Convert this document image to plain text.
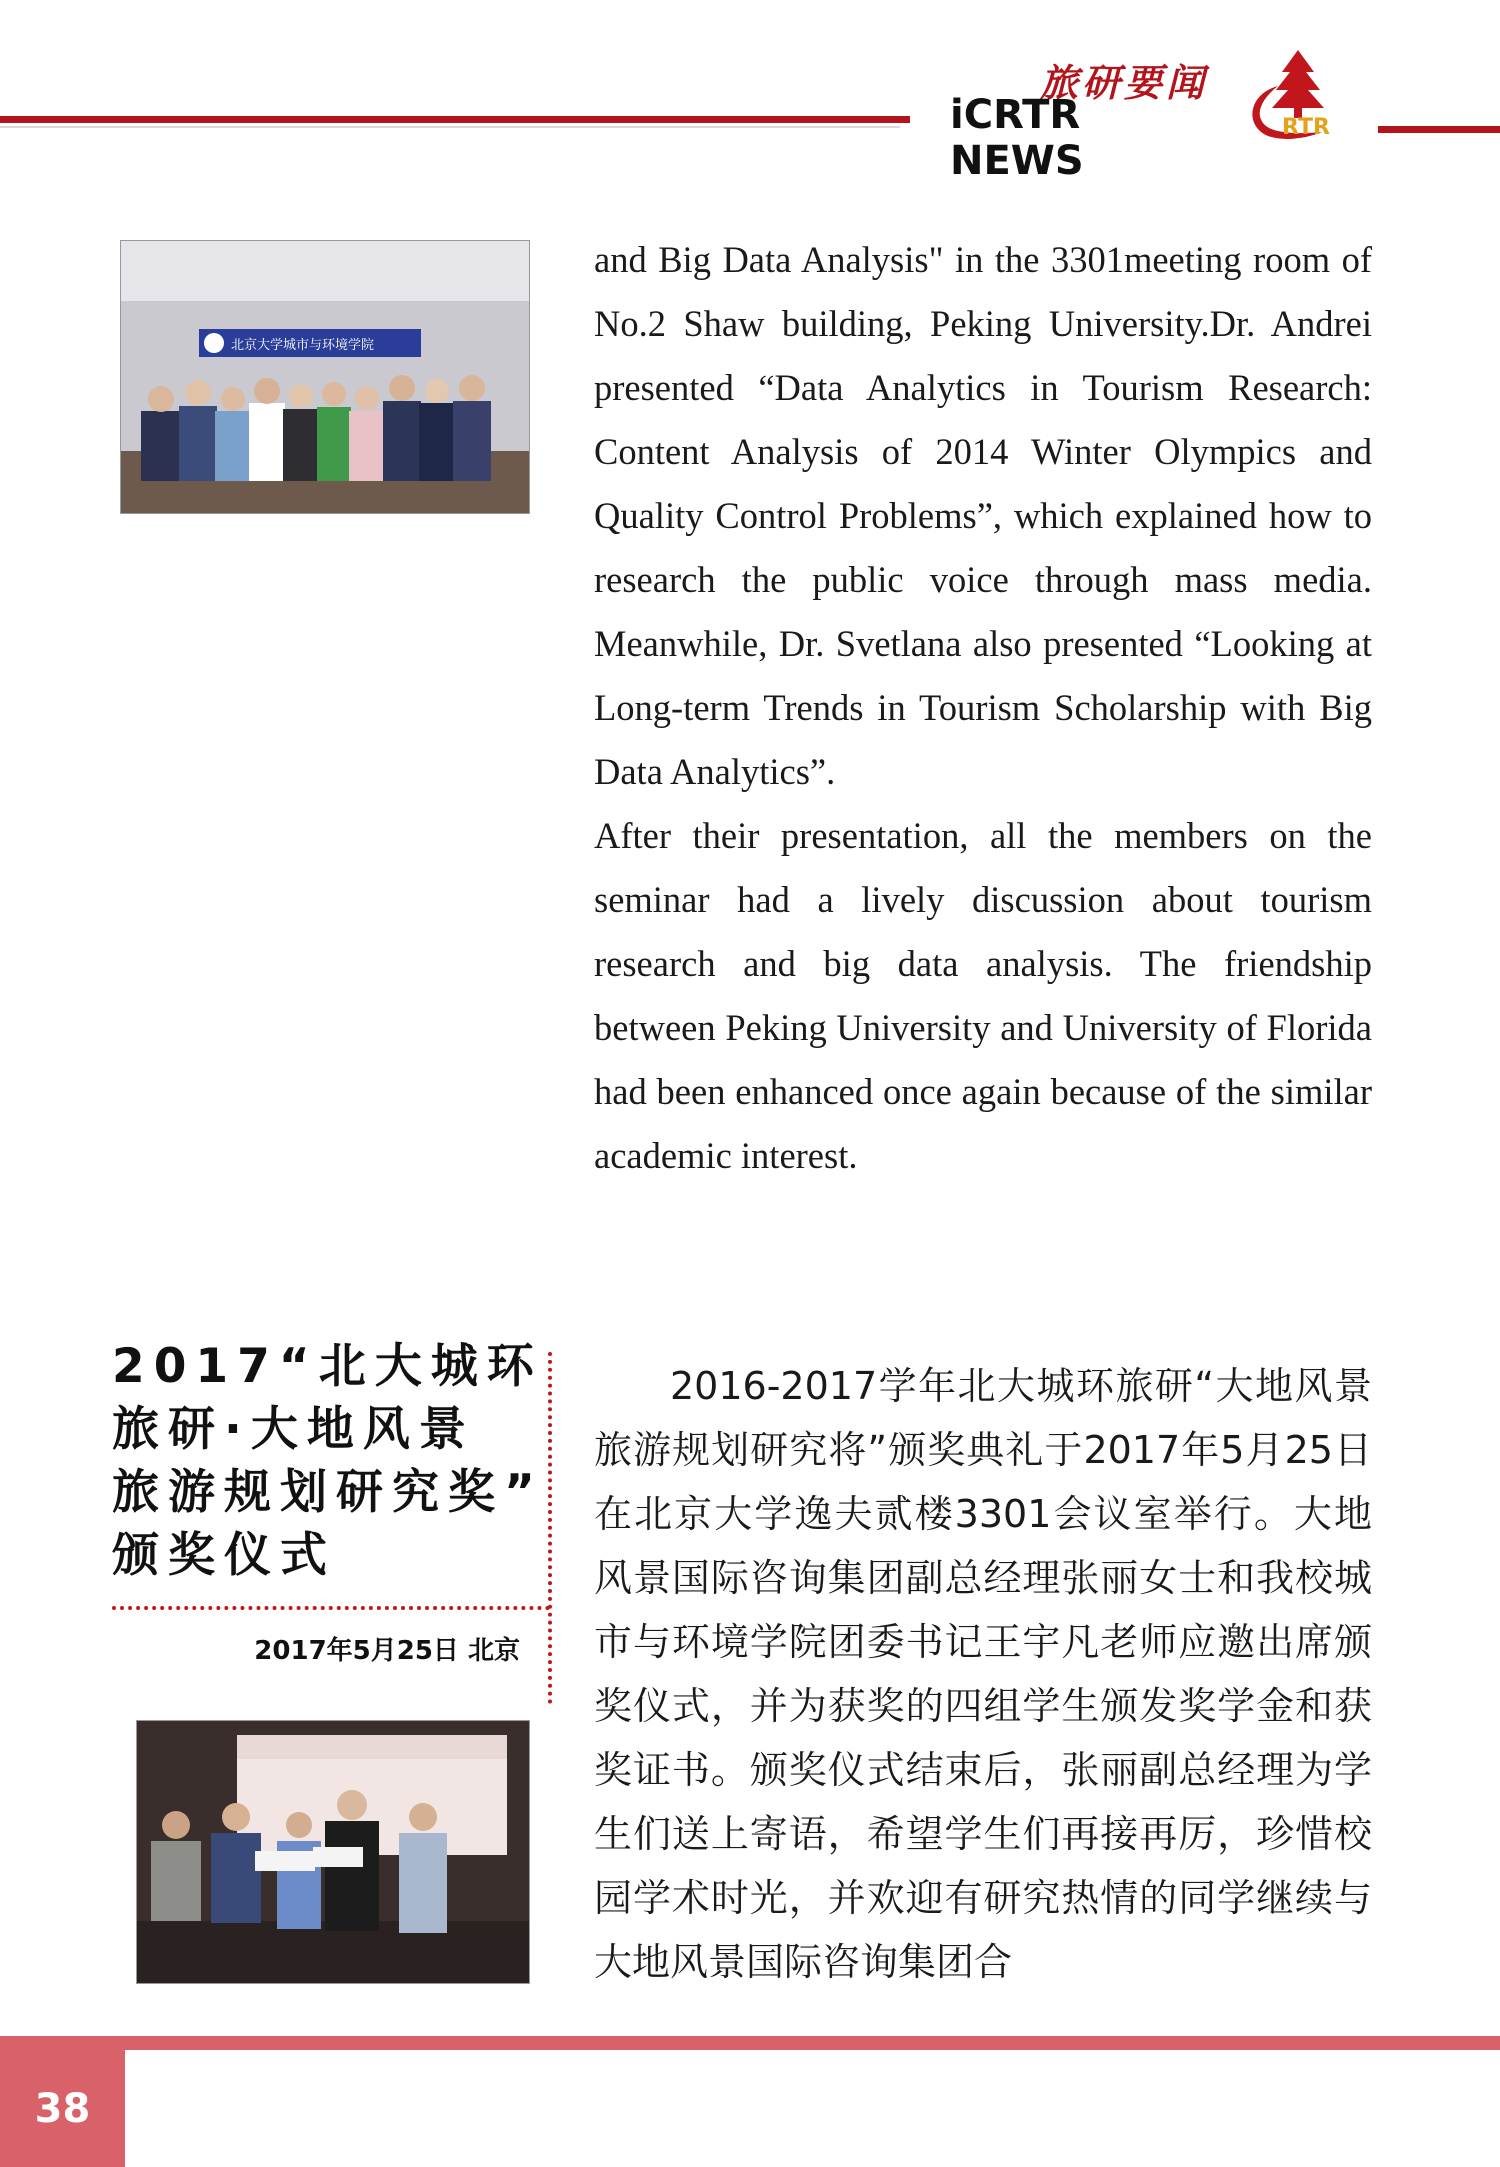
旅研要闻
iCRTR NEWS
RTR
北京大学城市与环境学院

and Big Data Analysis" in the 3301meeting room of No.2 Shaw building, Peking University.Dr. Andrei presented “Data Analytics in Tourism Research: Content Analysis of 2014 Winter Olympics and Quality Control Problems”, which explained how to research the public voice through mass media. Meanwhile, Dr. Svetlana also presented “Looking at Long-term Trends in Tourism Scholarship with Big Data Analytics”.

After their presentation, all the members on the seminar had a lively discussion about tourism research and big data analysis. The friendship between Peking University and University of Florida had been enhanced once again because of the similar academic interest.

2017“北大城环
旅研·大地风景
旅游规划研究奖”
颁奖仪式
2017年5月25日 北京

2016-2017学年北大城环旅研“大地风景旅游规划研究将”颁奖典礼于2017年5月25日在北京大学逸夫贰楼3301会议室举行。大地风景国际咨询集团副总经理张丽女士和我校城市与环境学院团委书记王宇凡老师应邀出席颁奖仪式，并为获奖的四组学生颁发奖学金和获奖证书。颁奖仪式结束后，张丽副总经理为学生们送上寄语，希望学生们再接再厉，珍惜校园学术时光，并欢迎有研究热情的同学继续与大地风景国际咨询集团合

38
